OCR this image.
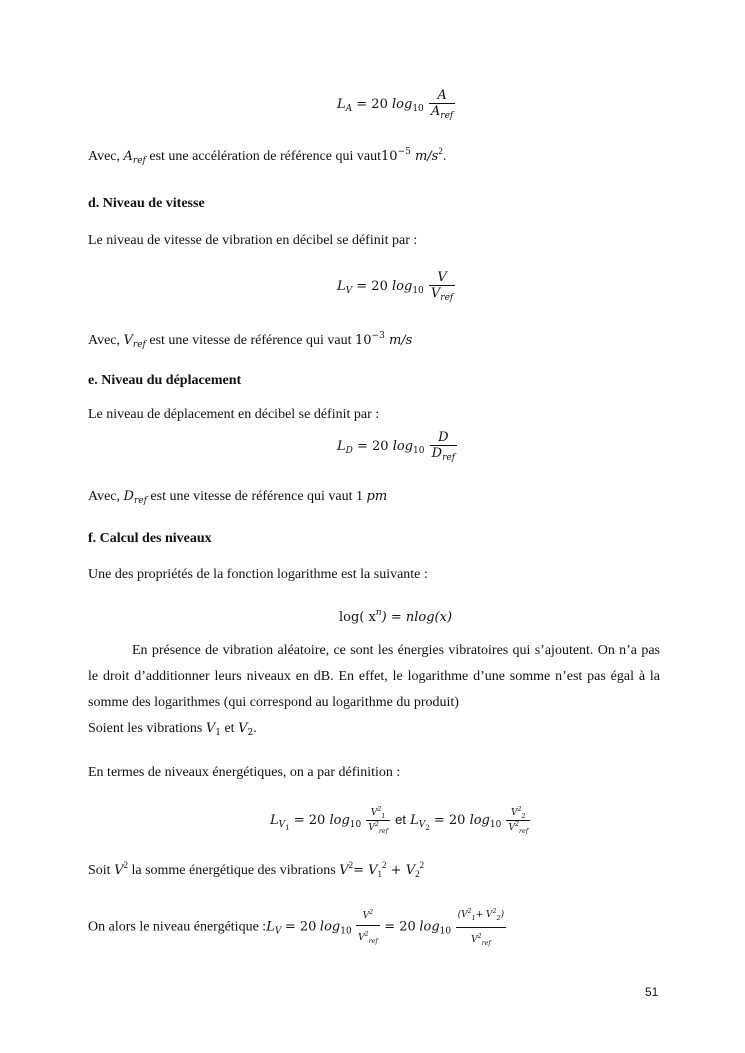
$L_A = 20$ $\log_{10} \frac{A}{A_{ref}}$
Avec, $A_{ref}$ est une accélération de référence qui $vaut10^{-5}$ $m/s^2$.
d. Niveau de vitesse
Le niveau de vitesse de vibration en décibel se définit par :
$L_V = 20$ $\log_{10} \frac{V}{V_{ref}}$
Avec, $V_{ref}$ est une vitesse de référence qui vaut $10^{-3}$ m/s
e. Niveau du déplacement
Le niveau de déplacement en décibel se définit par :
$L_D = 20$ $\log_{10} \frac{D}{D_{ref}}$
Avec, $D_{ref}$ est une vitesse de référence qui vaut 1 pm
f. Calcul des niveaux
Une des propriétés de la fonction logarithme est la suivante :
log( $x^n) = nlog(x)$
En présence de vibration aléatoire, ce sont les énergies vibratoires qui s’ajoutent. On n’a pas le droit d’additionner leurs niveaux en dB. En effet, le logarithme d’une somme n’est pas égal à la somme des logarithmes (qui correspond au logarithme du produit)
Soient les vibrations $V_1$ et $V_2$.
En termes de niveaux énergétiques, on a par définition :
$L_{V1} = 20$ $\log_{10} \frac{V^2_1}{V^2_{ref}}$ et $L_{V2} = 20$ $\log_{10} \frac{V^2_2}{V^2_{ref}}$
Soit $V^2$ la somme énergétique des vibrations $V^2= V_1^2 + V_2^2$
On alors le niveau énergétique $:L_V = 20$ $\log_{10} \frac{V^2}{V^2_{ref}} = 20$ $\log_{10} \frac{(V^2_1+ V^2_2)}{V^2_{ref}}$
51
